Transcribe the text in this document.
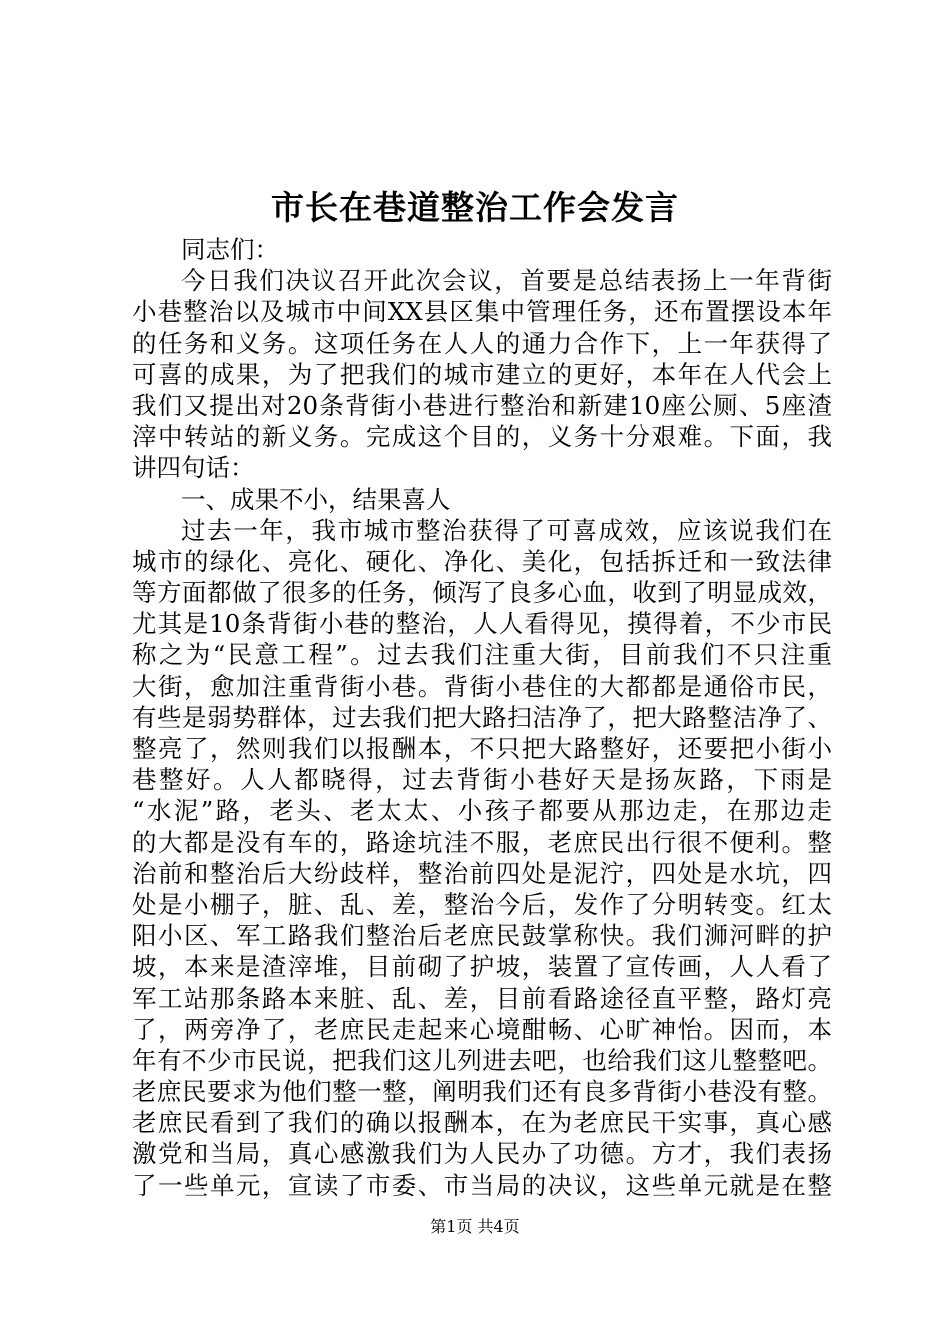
市长在巷道整治工作会发言
同志们：
今日我们决议召开此次会议，首要是总结表扬上一年背街
小巷整治以及城市中间XX县区集中管理任务，还布置摆设本年
的任务和义务。这项任务在人人的通力合作下，上一年获得了
可喜的成果，为了把我们的城市建立的更好，本年在人代会上
我们又提出对20条背街小巷进行整治和新建10座公厕、5座渣
滓中转站的新义务。完成这个目的，义务十分艰难。下面，我
讲四句话：
一、成果不小，结果喜人
过去一年，我市城市整治获得了可喜成效，应该说我们在
城市的绿化、亮化、硬化、净化、美化，包括拆迁和一致法律
等方面都做了很多的任务，倾泻了良多心血，收到了明显成效，
尤其是10条背街小巷的整治，人人看得见，摸得着，不少市民
称之为“民意工程”。过去我们注重大街，目前我们不只注重
大街，愈加注重背街小巷。背街小巷住的大都都是通俗市民，
有些是弱势群体，过去我们把大路扫洁净了，把大路整洁净了、
整亮了，然则我们以报酬本，不只把大路整好，还要把小街小
巷整好。人人都晓得，过去背街小巷好天是扬灰路，下雨是
“水泥”路，老头、老太太、小孩子都要从那边走，在那边走
的大都是没有车的，路途坑洼不服，老庶民出行很不便利。整
治前和整治后大纷歧样，整治前四处是泥泞，四处是水坑，四
处是小棚子，脏、乱、差，整治今后，发作了分明转变。红太
阳小区、军工路我们整治后老庶民鼓掌称快。我们浉河畔的护
坡，本来是渣滓堆，目前砌了护坡，装置了宣传画，人人看了
军工站那条路本来脏、乱、差，目前看路途径直平整，路灯亮
了，两旁净了，老庶民走起来心境酣畅、心旷神怡。因而，本
年有不少市民说，把我们这儿列进去吧，也给我们这儿整整吧。
老庶民要求为他们整一整，阐明我们还有良多背街小巷没有整。
老庶民看到了我们的确以报酬本，在为老庶民干实事，真心感
激党和当局，真心感激我们为人民办了功德。方才，我们表扬
了一些单元，宣读了市委、市当局的决议，这些单元就是在整
第1页 共4页
